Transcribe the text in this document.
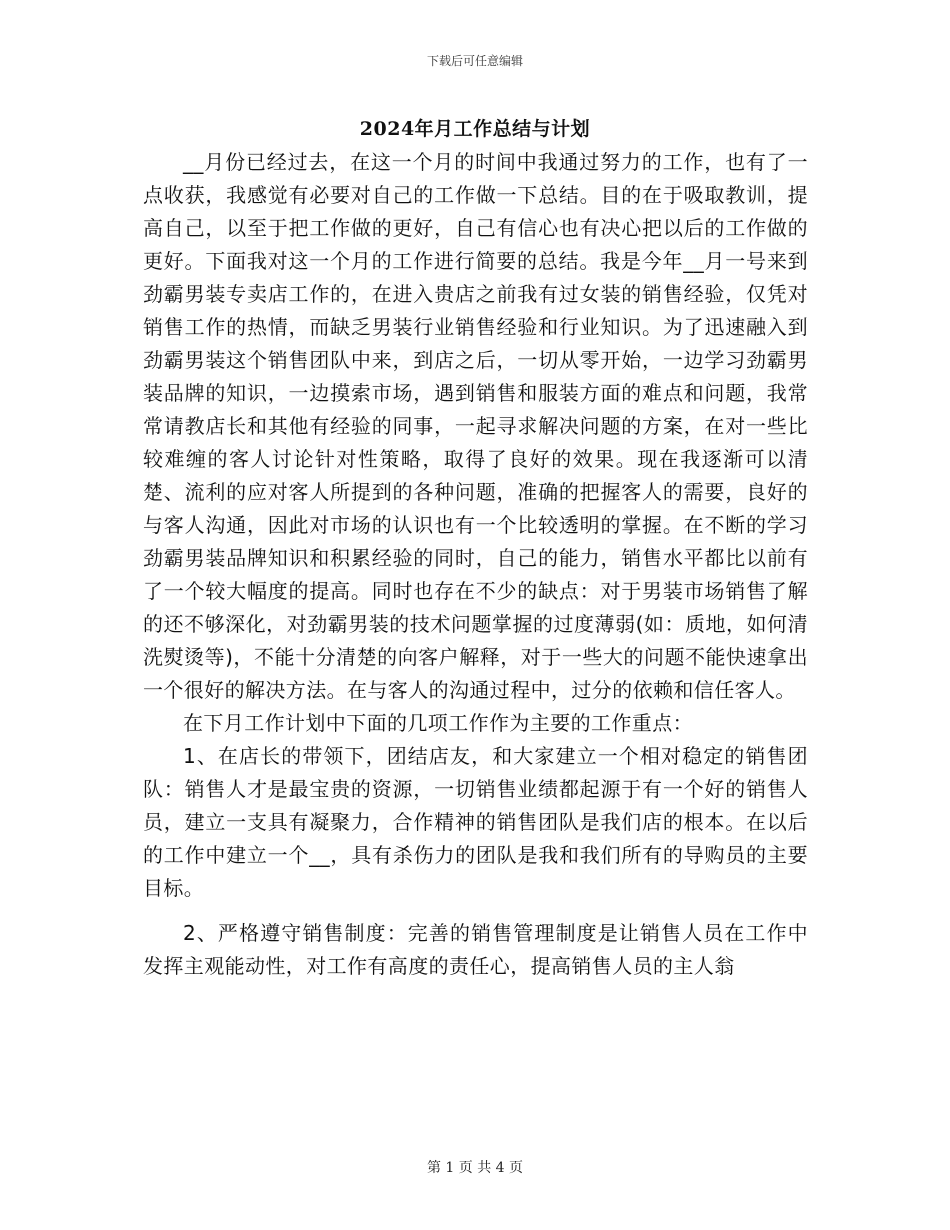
下载后可任意编辑
2024年月工作总结与计划

__月份已经过去，在这一个月的时间中我通过努力的工作，也有了一点收获，我感觉有必要对自己的工作做一下总结。目的在于吸取教训，提高自己，以至于把工作做的更好，自己有信心也有决心把以后的工作做的更好。下面我对这一个月的工作进行简要的总结。我是今年__月一号来到劲霸男装专卖店工作的，在进入贵店之前我有过女装的销售经验，仅凭对销售工作的热情，而缺乏男装行业销售经验和行业知识。为了迅速融入到劲霸男装这个销售团队中来，到店之后，一切从零开始，一边学习劲霸男装品牌的知识，一边摸索市场，遇到销售和服装方面的难点和问题，我常常请教店长和其他有经验的同事，一起寻求解决问题的方案，在对一些比较难缠的客人讨论针对性策略，取得了良好的效果。现在我逐渐可以清楚、流利的应对客人所提到的各种问题，准确的把握客人的需要，良好的与客人沟通，因此对市场的认识也有一个比较透明的掌握。在不断的学习劲霸男装品牌知识和积累经验的同时，自己的能力，销售水平都比以前有了一个较大幅度的提高。同时也存在不少的缺点：对于男装市场销售了解的还不够深化，对劲霸男装的技术问题掌握的过度薄弱(如：质地，如何清洗熨烫等)，不能十分清楚的向客户解释，对于一些大的问题不能快速拿出一个很好的解决方法。在与客人的沟通过程中，过分的依赖和信任客人。

在下月工作计划中下面的几项工作作为主要的工作重点：

1、在店长的带领下，团结店友，和大家建立一个相对稳定的销售团队：销售人才是最宝贵的资源，一切销售业绩都起源于有一个好的销售人员，建立一支具有凝聚力，合作精神的销售团队是我们店的根本。在以后的工作中建立一个__，具有杀伤力的团队是我和我们所有的导购员的主要目标。

2、严格遵守销售制度：完善的销售管理制度是让销售人员在工作中发挥主观能动性，对工作有高度的责任心，提高销售人员的主人翁

第 1 页 共 4 页
